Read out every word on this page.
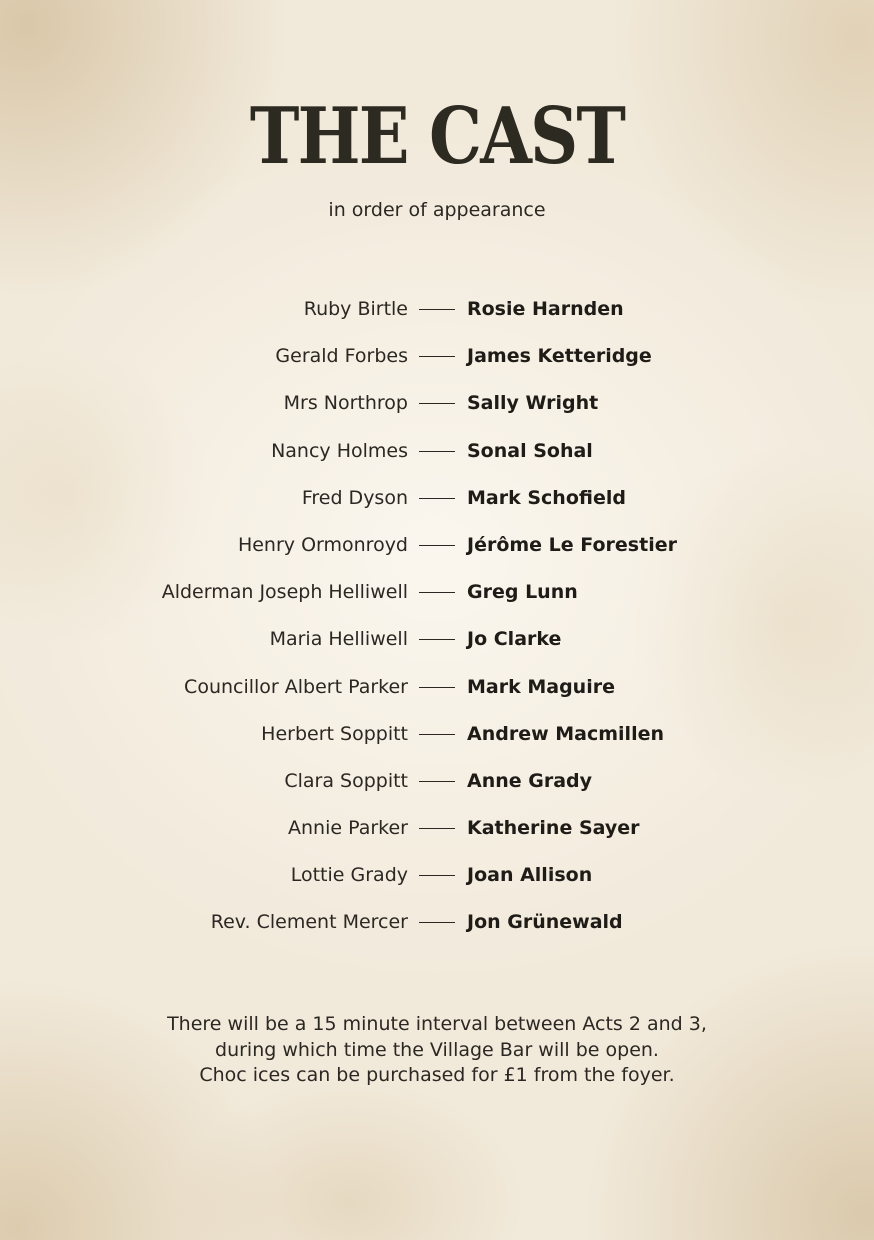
THE CAST
in order of appearance
Ruby Birtle	Rosie Harnden
Gerald Forbes	James Ketteridge
Mrs Northrop	Sally Wright
Nancy Holmes	Sonal Sohal
Fred Dyson	Mark Schofield
Henry Ormonroyd	Jérôme Le Forestier
Alderman Joseph Helliwell	Greg Lunn
Maria Helliwell	Jo Clarke
Councillor Albert Parker	Mark Maguire
Herbert Soppitt	Andrew Macmillen
Clara Soppitt	Anne Grady
Annie Parker	Katherine Sayer
Lottie Grady	Joan Allison
Rev. Clement Mercer	Jon Grünewald
There will be a 15 minute interval between Acts 2 and 3,
during which time the Village Bar will be open.
Choc ices can be purchased for £1 from the foyer.
